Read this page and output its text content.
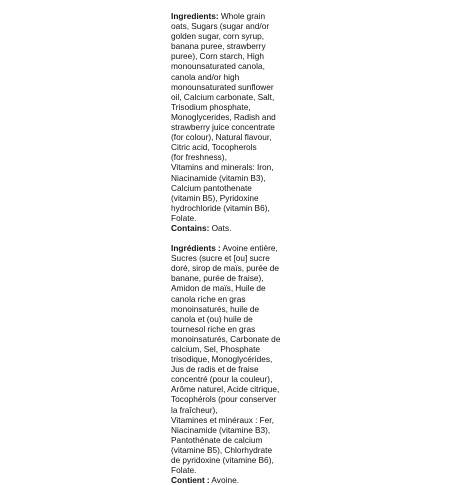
Ingredients: Whole grain
oats, Sugars (sugar and/or
golden sugar, corn syrup,
banana puree, strawberry
puree), Corn starch, High
monounsaturated canola,
canola and/or high
monounsaturated sunflower
oil, Calcium carbonate, Salt,
Trisodium phosphate,
Monoglycerides, Radish and
strawberry juice concentrate
(for colour), Natural flavour,
Citric acid, Tocopherols
(for freshness),
Vitamins and minerals: Iron,
Niacinamide (vitamin B3),
Calcium pantothenate
(vitamin B5), Pyridoxine
hydrochloride (vitamin B6),
Folate.
Contains: Oats.
Ingrédients : Avoine entière,
Sucres (sucre et [ou] sucre
doré, sirop de maïs, purée de
banane, purée de fraise),
Amidon de maïs, Huile de
canola riche en gras
monoinsaturés, huile de
canola et (ou) huile de
tournesol riche en gras
monoinsaturés, Carbonate de
calcium, Sel, Phosphate
trisodique, Monoglycérides,
Jus de radis et de fraise
concentré (pour la couleur),
Arôme naturel, Acide citrique,
Tocophérols (pour conserver
la fraîcheur),
Vitamines et minéraux : Fer,
Niacinamide (vitamine B3),
Pantothénate de calcium
(vitamine B5), Chlorhydrate
de pyridoxine (vitamine B6),
Folate.
Contient : Avoine.
